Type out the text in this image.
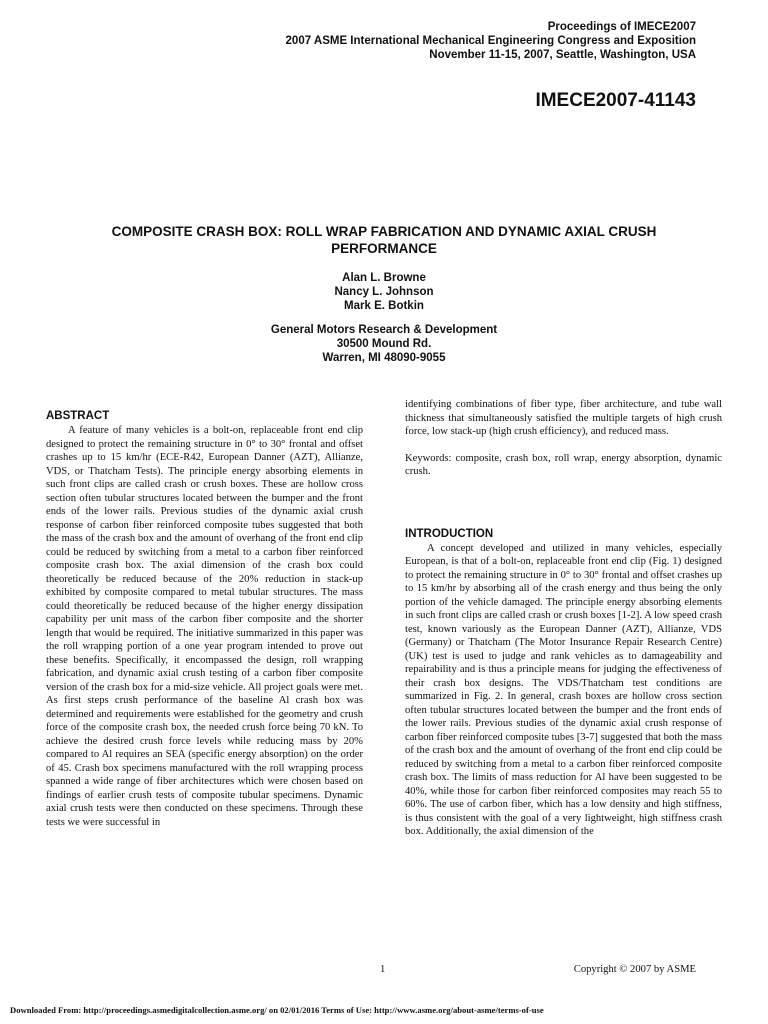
Proceedings of IMECE2007
2007 ASME International Mechanical Engineering Congress and Exposition
November 11-15, 2007, Seattle, Washington, USA
IMECE2007-41143
COMPOSITE CRASH BOX: ROLL WRAP FABRICATION AND DYNAMIC AXIAL CRUSH
PERFORMANCE
Alan L. Browne
Nancy L. Johnson
Mark E. Botkin
General Motors Research & Development
30500 Mound Rd.
Warren, MI 48090-9055
ABSTRACT

A feature of many vehicles is a bolt-on, replaceable front end clip designed to protect the remaining structure in 0° to 30° frontal and offset crashes up to 15 km/hr (ECE-R42, European Danner (AZT), Allianze, VDS, or Thatcham Tests). The principle energy absorbing elements in such front clips are called crash or crush boxes. These are hollow cross section often tubular structures located between the bumper and the front ends of the lower rails. Previous studies of the dynamic axial crush response of carbon fiber reinforced composite tubes suggested that both the mass of the crash box and the amount of overhang of the front end clip could be reduced by switching from a metal to a carbon fiber reinforced composite crash box. The axial dimension of the crash box could theoretically be reduced because of the 20% reduction in stack-up exhibited by composite compared to metal tubular structures. The mass could theoretically be reduced because of the higher energy dissipation capability per unit mass of the carbon fiber composite and the shorter length that would be required. The initiative summarized in this paper was the roll wrapping portion of a one year program intended to prove out these benefits. Specifically, it encompassed the design, roll wrapping fabrication, and dynamic axial crush testing of a carbon fiber composite version of the crash box for a mid-size vehicle. All project goals were met. As first steps crush performance of the baseline Al crash box was determined and requirements were established for the geometry and crush force of the composite crash box, the needed crush force being 70 kN. To achieve the desired crush force levels while reducing mass by 20% compared to Al requires an SEA (specific energy absorption) on the order of 45. Crash box specimens manufactured with the roll wrapping process spanned a wide range of fiber architectures which were chosen based on findings of earlier crush tests of composite tubular specimens. Dynamic axial crush tests were then conducted on these specimens. Through these tests we were successful in

identifying combinations of fiber type, fiber architecture, and tube wall thickness that simultaneously satisfied the multiple targets of high crush force, low stack-up (high crush efficiency), and reduced mass.

Keywords: composite, crash box, roll wrap, energy absorption, dynamic crush.

INTRODUCTION

A concept developed and utilized in many vehicles, especially European, is that of a bolt-on, replaceable front end clip (Fig. 1) designed to protect the remaining structure in 0° to 30° frontal and offset crashes up to 15 km/hr by absorbing all of the crash energy and thus being the only portion of the vehicle damaged. The principle energy absorbing elements in such front clips are called crash or crush boxes [1-2]. A low speed crash test, known variously as the European Danner (AZT), Allianze, VDS (Germany) or Thatcham (The Motor Insurance Repair Research Centre) (UK) test is used to judge and rank vehicles as to damageability and repairability and is thus a principle means for judging the effectiveness of their crash box designs. The VDS/Thatcham test conditions are summarized in Fig. 2. In general, crash boxes are hollow cross section often tubular structures located between the bumper and the front ends of the lower rails. Previous studies of the dynamic axial crush response of carbon fiber reinforced composite tubes [3-7] suggested that both the mass of the crash box and the amount of overhang of the front end clip could be reduced by switching from a metal to a carbon fiber reinforced composite crash box. The limits of mass reduction for Al have been suggested to be 40%, while those for carbon fiber reinforced composites may reach 55 to 60%. The use of carbon fiber, which has a low density and high stiffness, is thus consistent with the goal of a very lightweight, high stiffness crash box. Additionally, the axial dimension of the

1	Copyright © 2007 by ASME
Downloaded From: http://proceedings.asmedigitalcollection.asme.org/ on 02/01/2016 Terms of Use: http://www.asme.org/about-asme/terms-of-use
